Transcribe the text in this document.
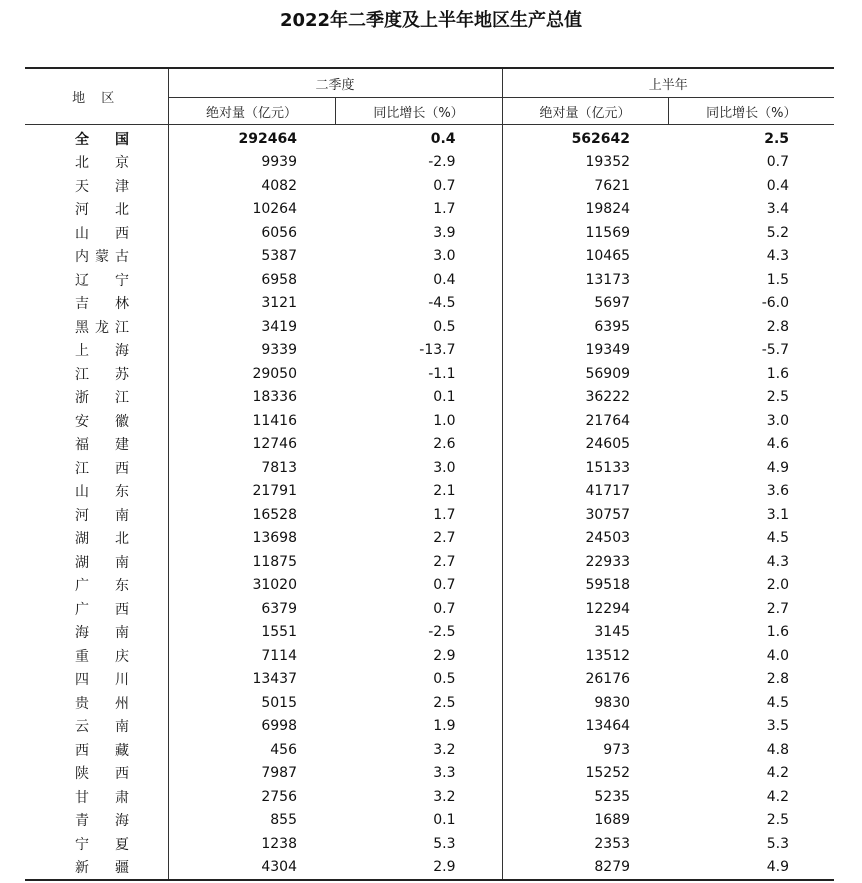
2022年二季度及上半年地区生产总值
地 区	二季度		上半年	
	绝对量（亿元）	同比增长（%）	绝对量（亿元）	同比增长（%）
全国	292464	0.4	562642	2.5
北京	9939	-2.9	19352	0.7
天津	4082	0.7	7621	0.4
河北	10264	1.7	19824	3.4
山西	6056	3.9	11569	5.2
内蒙古	5387	3.0	10465	4.3
辽宁	6958	0.4	13173	1.5
吉林	3121	-4.5	5697	-6.0
黑龙江	3419	0.5	6395	2.8
上海	9339	-13.7	19349	-5.7
江苏	29050	-1.1	56909	1.6
浙江	18336	0.1	36222	2.5
安徽	11416	1.0	21764	3.0
福建	12746	2.6	24605	4.6
江西	7813	3.0	15133	4.9
山东	21791	2.1	41717	3.6
河南	16528	1.7	30757	3.1
湖北	13698	2.7	24503	4.5
湖南	11875	2.7	22933	4.3
广东	31020	0.7	59518	2.0
广西	6379	0.7	12294	2.7
海南	1551	-2.5	3145	1.6
重庆	7114	2.9	13512	4.0
四川	13437	0.5	26176	2.8
贵州	5015	2.5	9830	4.5
云南	6998	1.9	13464	3.5
西藏	456	3.2	973	4.8
陕西	7987	3.3	15252	4.2
甘肃	2756	3.2	5235	4.2
青海	855	0.1	1689	2.5
宁夏	1238	5.3	2353	5.3
新疆	4304	2.9	8279	4.9
